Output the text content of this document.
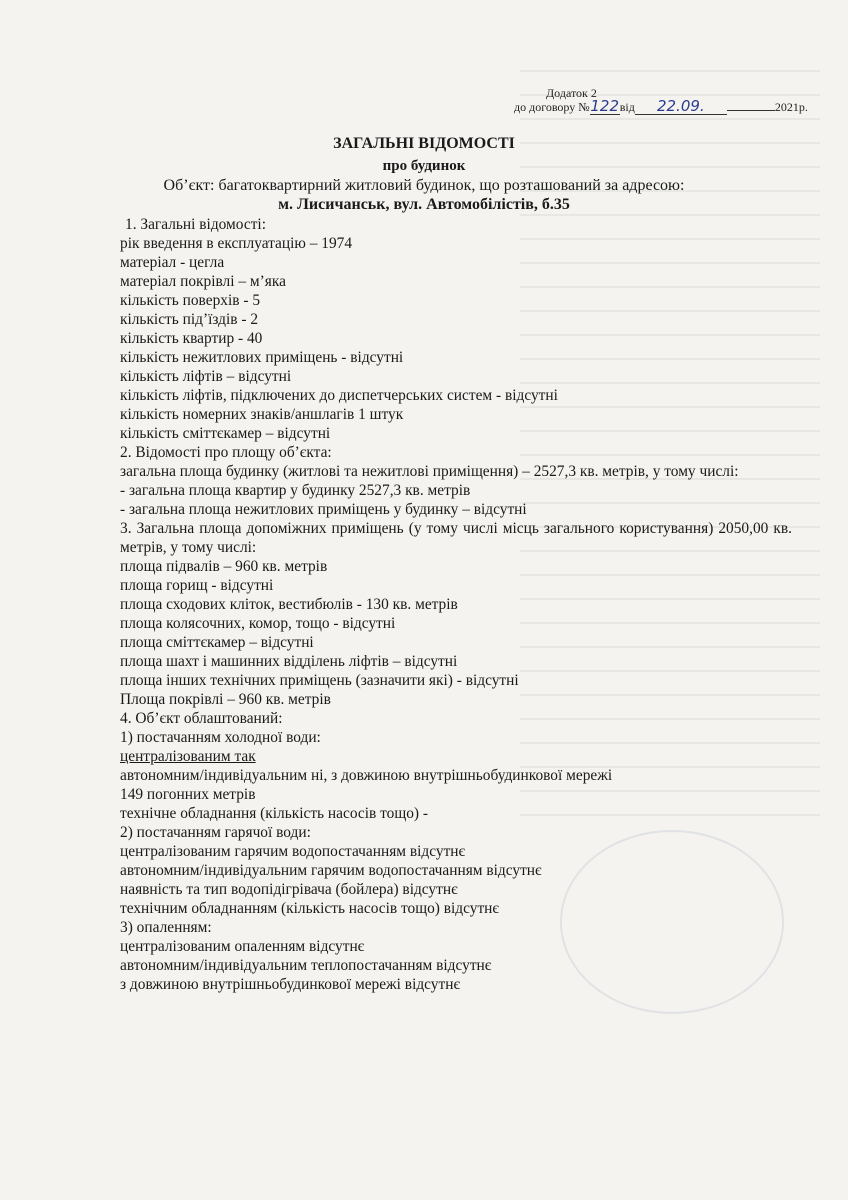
Додаток 2
до договору №122від 22.09.	2021р.
ЗАГАЛЬНІ ВІДОМОСТІ
про будинок
Об’єкт: багатоквартирний житловий будинок, що розташований за адресою:
м. Лисичанськ, вул. Автомобілістів, б.35
1. Загальні відомості:
рік введення в експлуатацію – 1974
матеріал - цегла
матеріал покрівлі – м’яка
кількість поверхів - 5
кількість під’їздів - 2
кількість квартир - 40
кількість нежитлових приміщень - відсутні
кількість ліфтів – відсутні
кількість ліфтів, підключених до диспетчерських систем - відсутні
кількість номерних знаків/аншлагів 1 штук
кількість сміттєкамер – відсутні
2. Відомості про площу об’єкта:
загальна площа будинку (житлові та нежитлові приміщення) – 2527,3 кв. метрів, у тому числі:
- загальна площа квартир у будинку 2527,3 кв. метрів
- загальна площа нежитлових приміщень у будинку – відсутні
3. Загальна площа допоміжних приміщень (у тому числі місць загального користування) 2050,00 кв. метрів, у тому числі:
площа підвалів – 960 кв. метрів
площа горищ - відсутні
площа сходових кліток, вестибюлів - 130 кв. метрів
площа колясочних, комор, тощо - відсутні
площа сміттєкамер – відсутні
площа шахт і машинних відділень ліфтів – відсутні
площа інших технічних приміщень (зазначити які) - відсутні
Площа покрівлі – 960 кв. метрів
4. Об’єкт облаштований:
1) постачанням холодної води:
централізованим так
автономним/індивідуальним ні, з довжиною внутрішньобудинкової мережі
149 погонних метрів
технічне обладнання (кількість насосів тощо) -
2) постачанням гарячої води:
централізованим гарячим водопостачанням відсутнє
автономним/індивідуальним гарячим водопостачанням відсутнє
наявність та тип водопідігрівача (бойлера) відсутнє
технічним обладнанням (кількість насосів тощо) відсутнє
3) опаленням:
централізованим опаленням відсутнє
автономним/індивідуальним теплопостачанням відсутнє
з довжиною внутрішньобудинкової мережі відсутнє
